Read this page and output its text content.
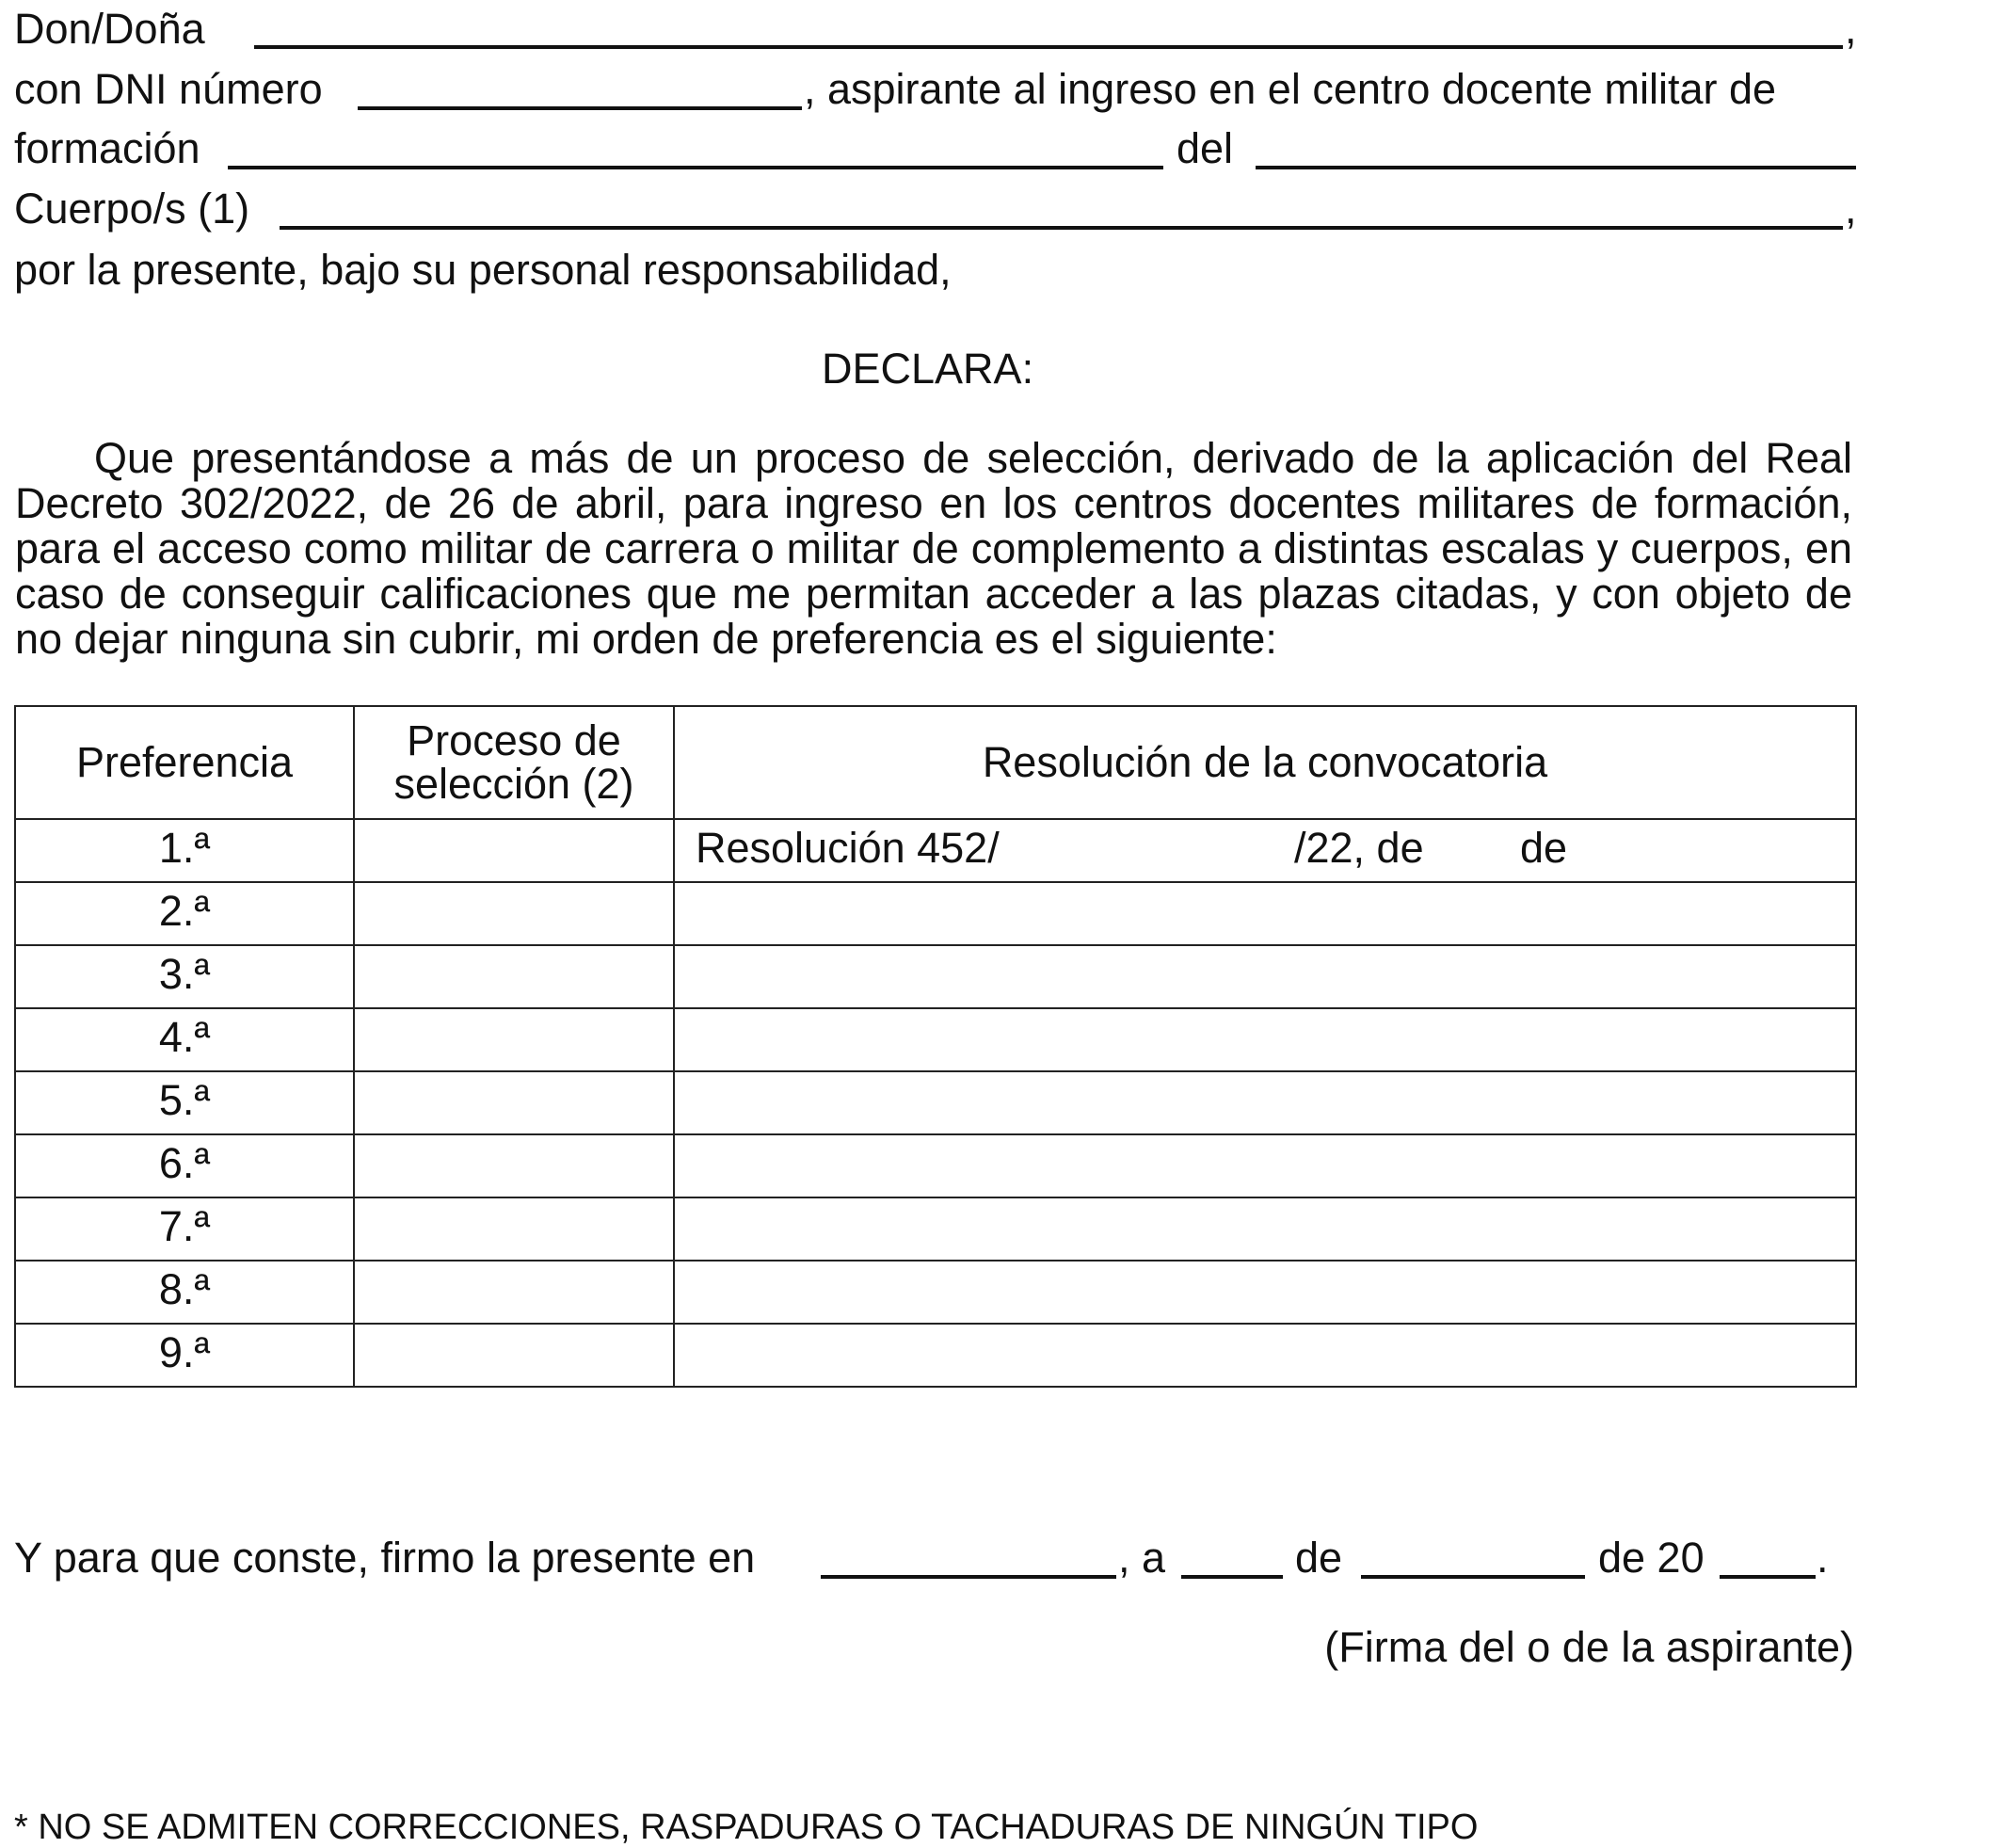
Don/Doña	,
con DNI número	, aspirante al ingreso en el centro docente militar de
formación	del
Cuerpo/s (1)	,
por la presente, bajo su personal responsabilidad,
DECLARA:
Que presentándose a más de un proceso de selección, derivado de la aplicación del Real Decreto 302/2022, de 26 de abril, para ingreso en los centros docentes militares de formación, para el acceso como militar de carrera o militar de complemento a distintas escalas y cuerpos, en caso de conseguir calificaciones que me permitan acceder a las plazas citadas, y con objeto de no dejar ninguna sin cubrir, mi orden de preferencia es el siguiente:
Preferencia	Proceso de selección (2)	Resolución de la convocatoria
1.ª		Resolución 452/ /22, de de
2.ª		
3.ª		
4.ª		
5.ª		
6.ª		
7.ª		
8.ª		
9.ª		
Y para que conste, firmo la presente en	, a	de	de 20	.
(Firma del o de la aspirante)
* NO SE ADMITEN CORRECCIONES, RASPADURAS O TACHADURAS DE NINGÚN TIPO
